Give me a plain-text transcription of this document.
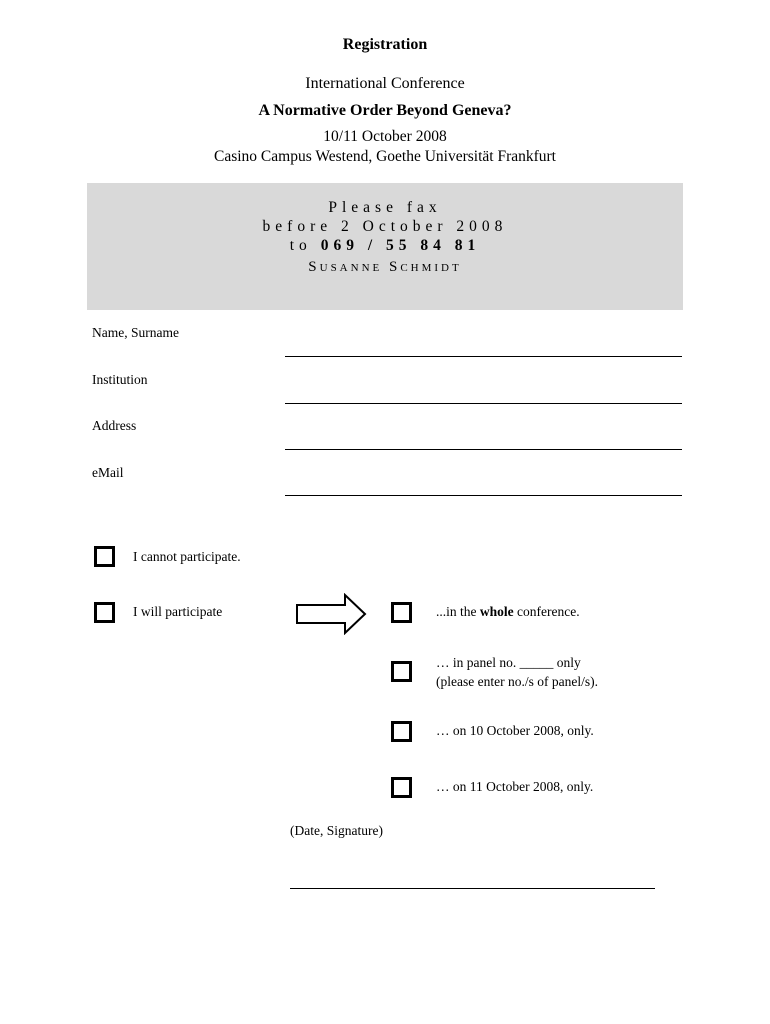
Registration
International Conference
A Normative Order Beyond Geneva?
10/11 October 2008
Casino Campus Westend, Goethe Universität Frankfurt
Please fax
before 2 October 2008
to 069 / 55 84 81
Susanne Schmidt
Name, Surname
Institution
Address
eMail
I cannot participate.
I will participate	...in the whole conference.
… in panel no. _____ only
(please enter no./s of panel/s).
… on 10 October 2008, only.
… on 11 October 2008, only.
(Date, Signature)
